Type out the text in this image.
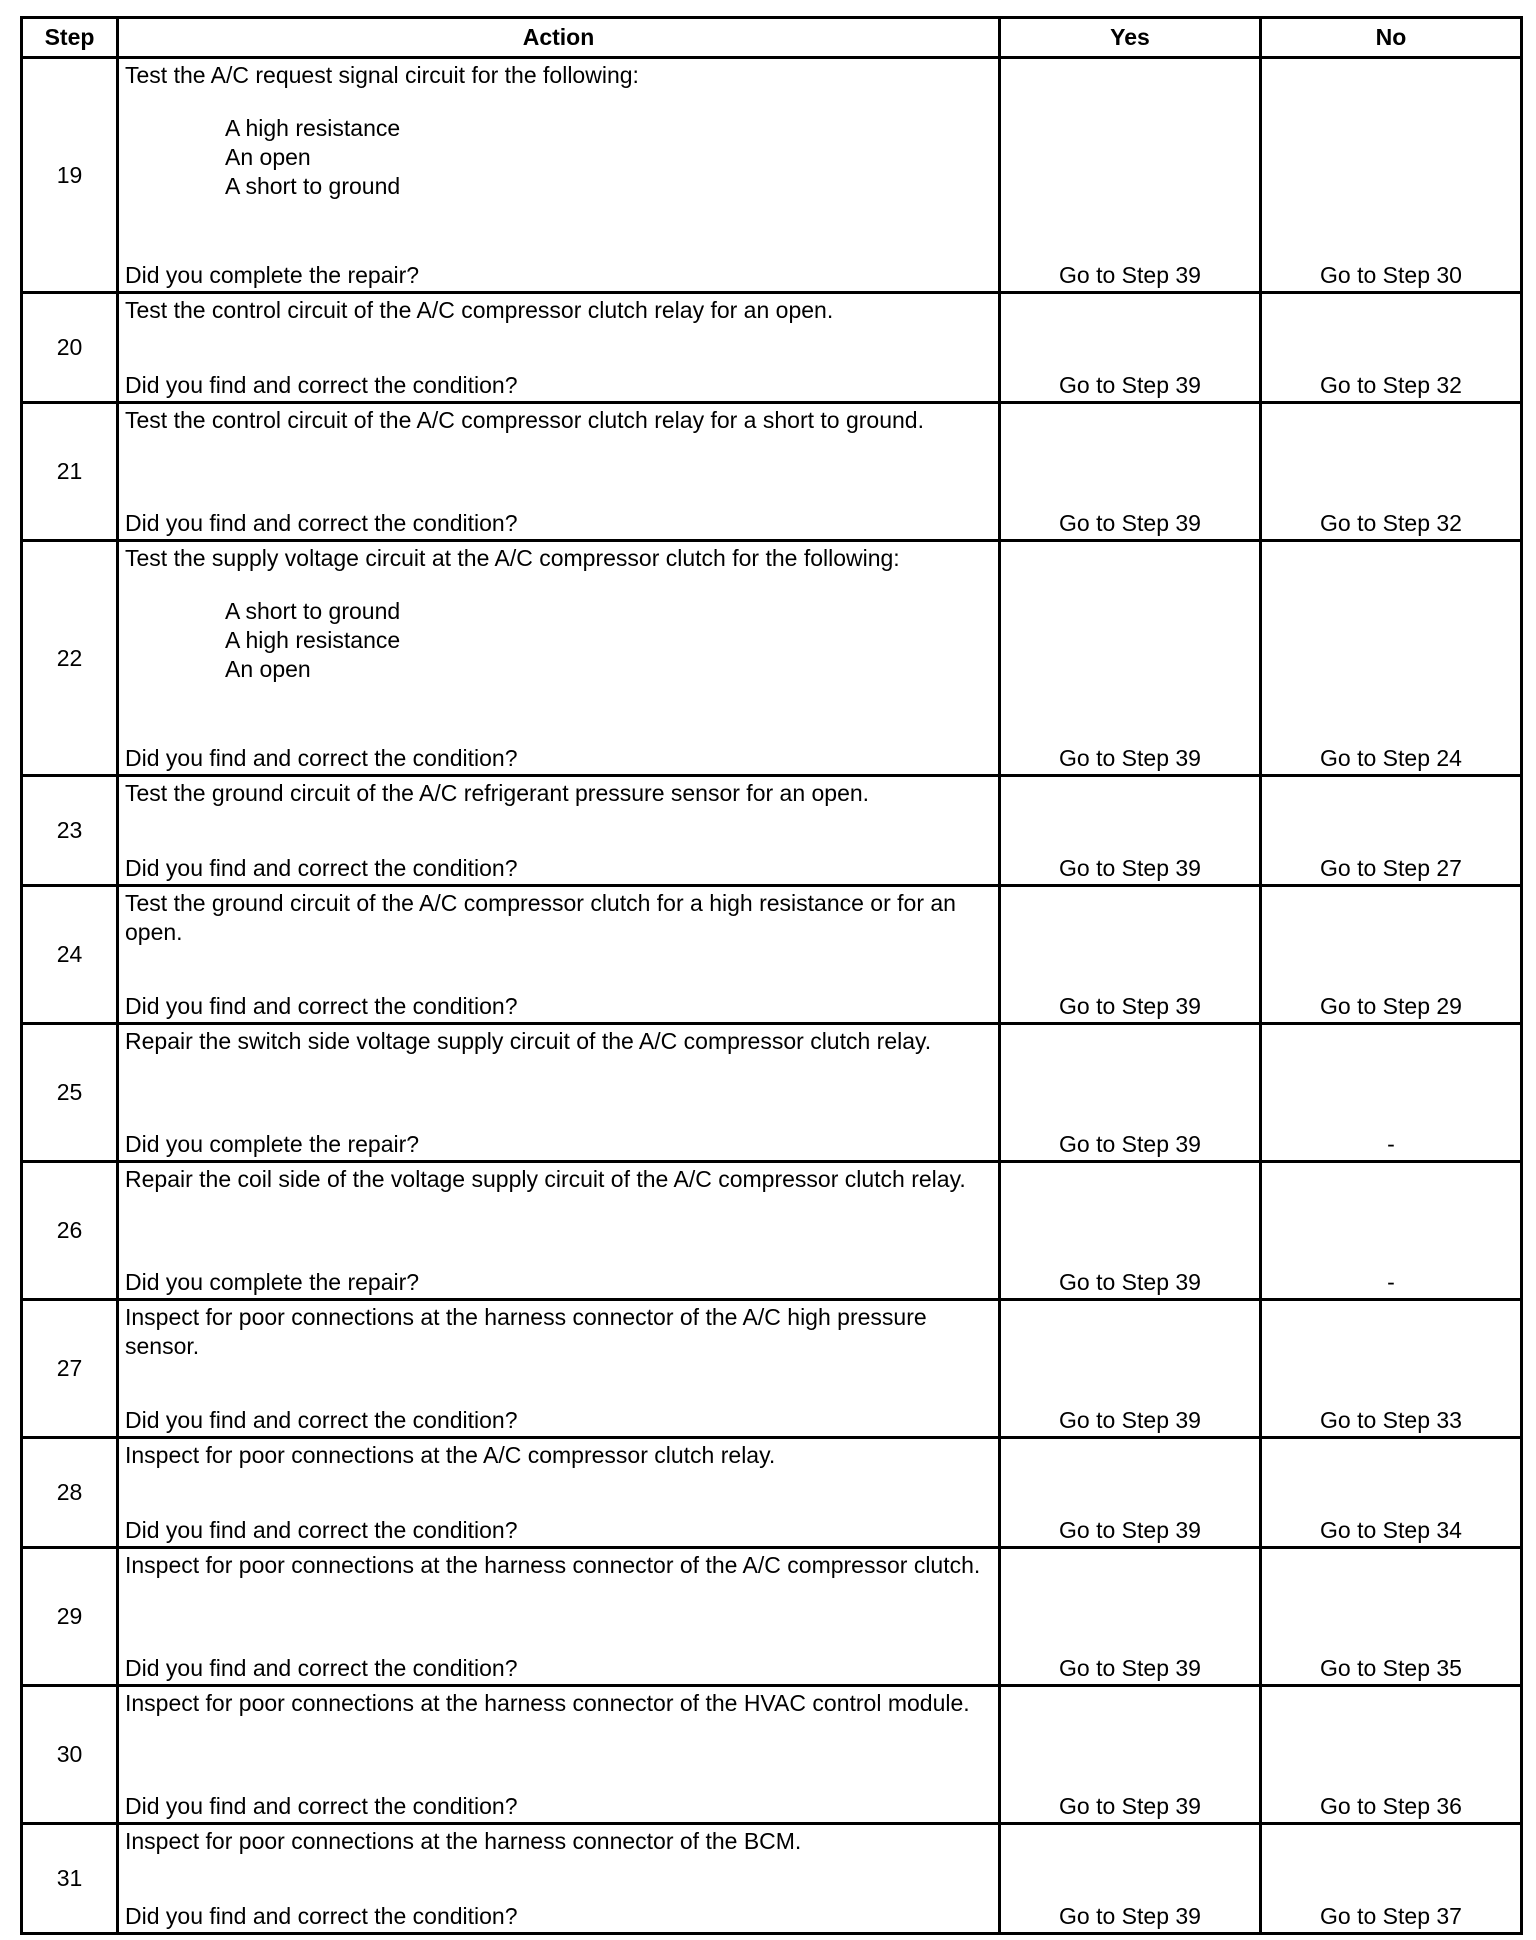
Step	Action	Yes	No
19	Test the A/C request signal circuit for the following:
A high resistance
An open
A short to ground
Did you complete the repair?	Go to Step 39	Go to Step 30

20	Test the control circuit of the A/C compressor clutch relay for an open.
Did you find and correct the condition?	Go to Step 39	Go to Step 32

21	Test the control circuit of the A/C compressor clutch relay for a short to ground.
Did you find and correct the condition?	Go to Step 39	Go to Step 32

22	Test the supply voltage circuit at the A/C compressor clutch for the following:
A short to ground
A high resistance
An open
Did you find and correct the condition?	Go to Step 39	Go to Step 24

23	Test the ground circuit of the A/C refrigerant pressure sensor for an open.
Did you find and correct the condition?	Go to Step 39	Go to Step 27

24	Test the ground circuit of the A/C compressor clutch for a high resistance or for an open.
Did you find and correct the condition?	Go to Step 39	Go to Step 29

25	Repair the switch side voltage supply circuit of the A/C compressor clutch relay.
Did you complete the repair?	Go to Step 39	-

26	Repair the coil side of the voltage supply circuit of the A/C compressor clutch relay.
Did you complete the repair?	Go to Step 39	-

27	Inspect for poor connections at the harness connector of the A/C high pressure sensor.
Did you find and correct the condition?	Go to Step 39	Go to Step 33

28	Inspect for poor connections at the A/C compressor clutch relay.
Did you find and correct the condition?	Go to Step 39	Go to Step 34

29	Inspect for poor connections at the harness connector of the A/C compressor clutch.
Did you find and correct the condition?	Go to Step 39	Go to Step 35

30	Inspect for poor connections at the harness connector of the HVAC control module.
Did you find and correct the condition?	Go to Step 39	Go to Step 36

31	Inspect for poor connections at the harness connector of the BCM.
Did you find and correct the condition?	Go to Step 39	Go to Step 37
